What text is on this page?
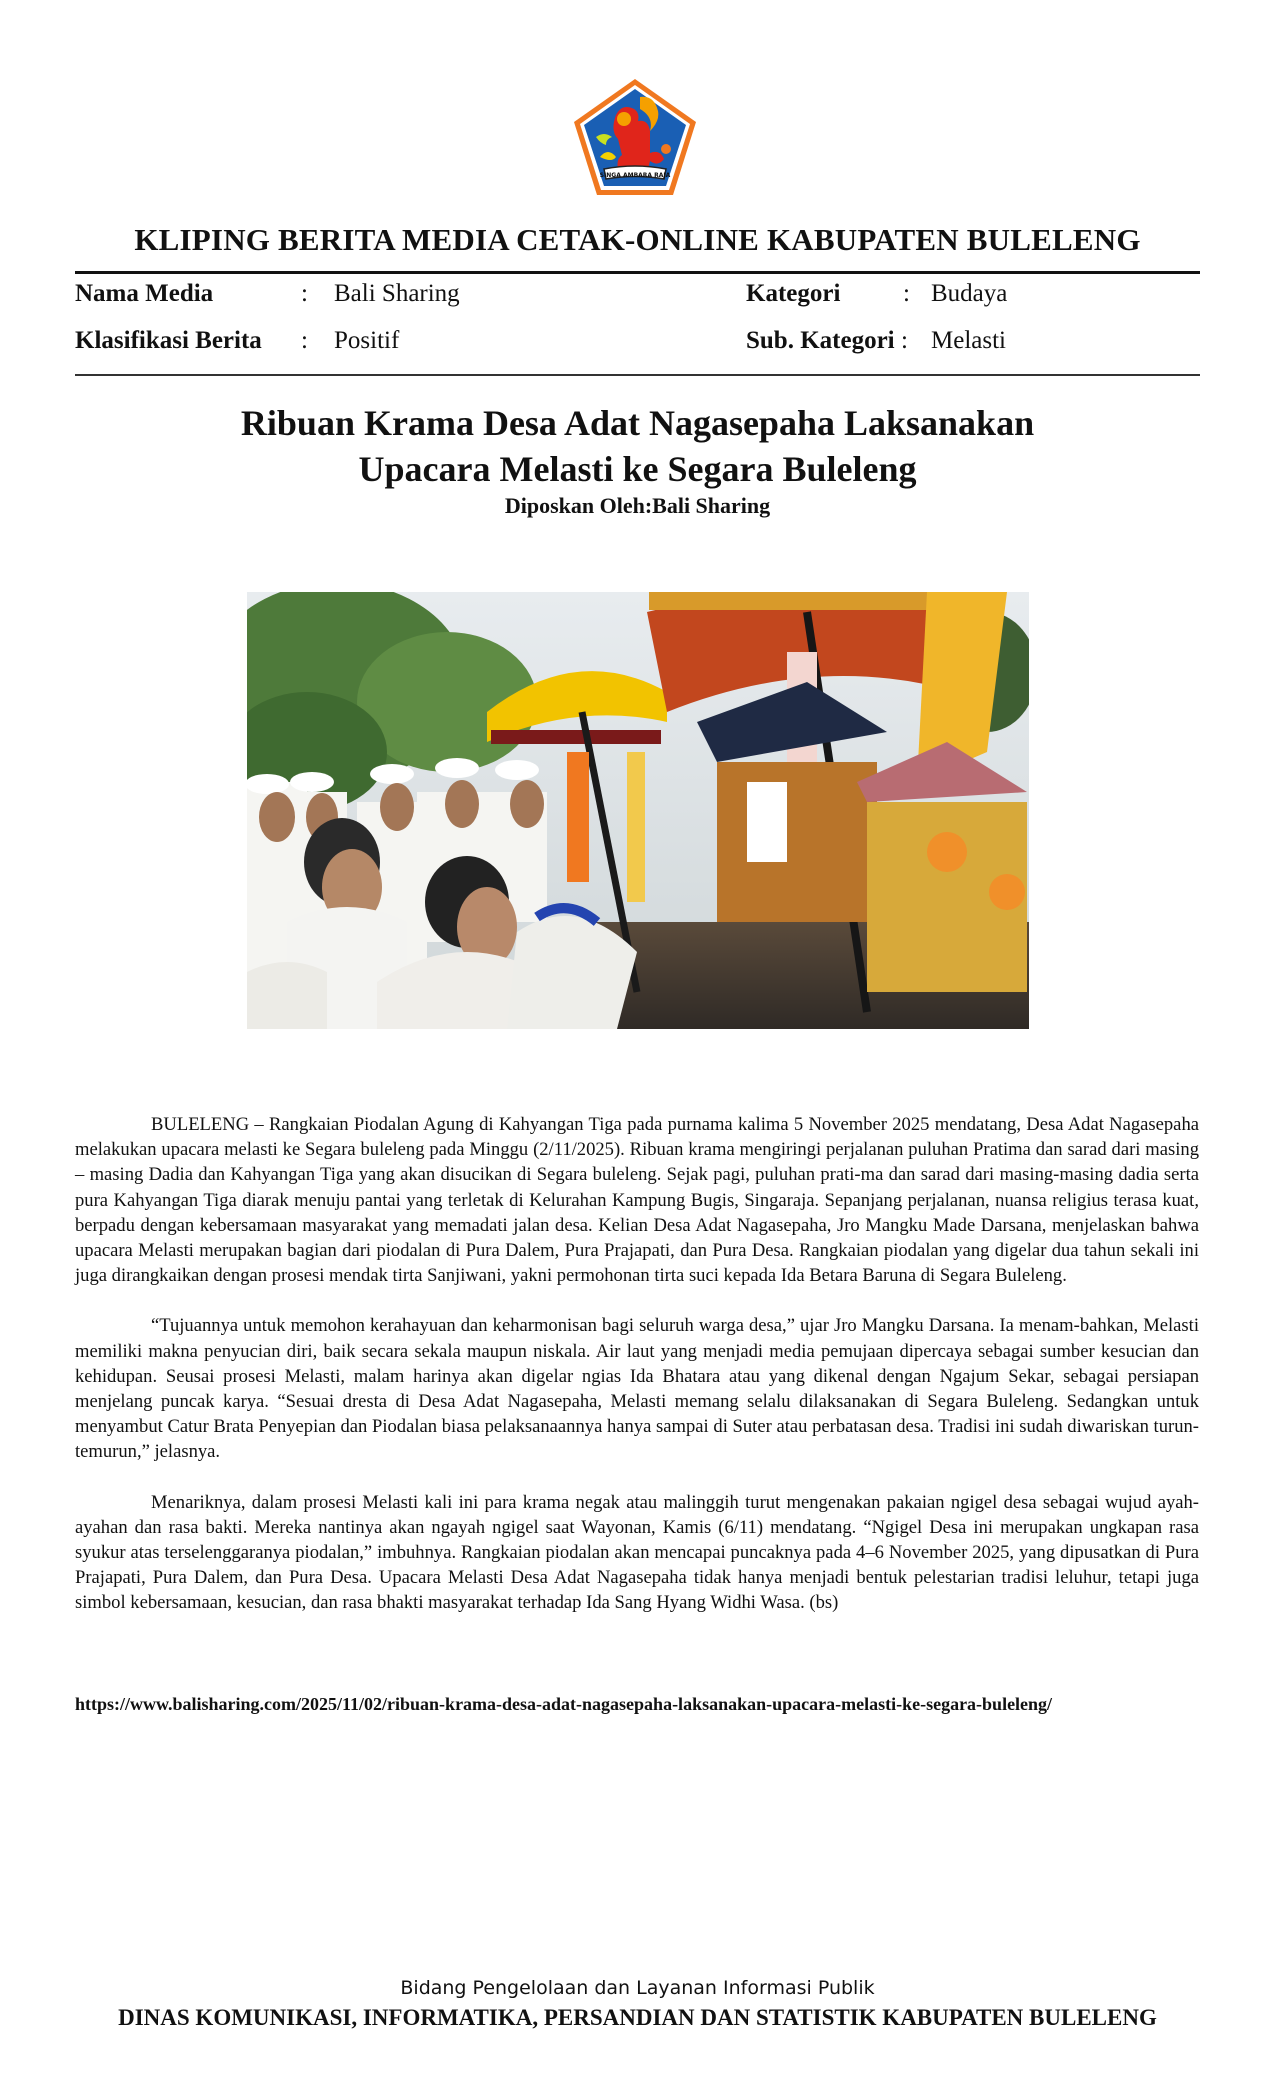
SINGA AMBARA RAJA
KLIPING BERITA MEDIA CETAK-ONLINE KABUPATEN BULELENG
Nama Media	: Bali Sharing	Kategori	: Budaya
Klasifikasi Berita : Positif	Sub. Kategori : Melasti
Ribuan Krama Desa Adat Nagasepaha Laksanakan
Upacara Melasti ke Segara Buleleng
Diposkan Oleh:Bali Sharing

BULELENG – Rangkaian Piodalan Agung di Kahyangan Tiga pada purnama kalima 5 November 2025 mendatang, Desa Adat Nagasepaha melakukan upacara melasti ke Segara buleleng pada Minggu (2/11/2025). Ribuan krama mengiringi perjalanan puluhan Pratima dan sarad dari masing – masing Dadia dan Kahyangan Tiga yang akan disucikan di Segara buleleng. Sejak pagi, puluhan prati-ma dan sarad dari masing-masing dadia serta pura Kahyangan Tiga diarak menuju pantai yang terletak di Kelurahan Kampung Bugis, Singaraja. Sepanjang perjalanan, nuansa religius terasa kuat, berpadu dengan kebersamaan masyarakat yang memadati jalan desa. Kelian Desa Adat Nagasepaha, Jro Mangku Made Darsana, menjelaskan bahwa upacara Melasti merupakan bagian dari piodalan di Pura Dalem, Pura Prajapati, dan Pura Desa. Rangkaian piodalan yang digelar dua tahun sekali ini juga dirangkaikan dengan prosesi mendak tirta Sanjiwani, yakni permohonan tirta suci kepada Ida Betara Baruna di Segara Buleleng.

“Tujuannya untuk memohon kerahayuan dan keharmonisan bagi seluruh warga desa,” ujar Jro Mangku Darsana. Ia menam-bahkan, Melasti memiliki makna penyucian diri, baik secara sekala maupun niskala. Air laut yang menjadi media pemujaan dipercaya sebagai sumber kesucian dan kehidupan. Seusai prosesi Melasti, malam harinya akan digelar ngias Ida Bhatara atau yang dikenal dengan Ngajum Sekar, sebagai persiapan menjelang puncak karya. “Sesuai dresta di Desa Adat Nagasepaha, Melasti memang selalu dilaksanakan di Segara Buleleng. Sedangkan untuk menyambut Catur Brata Penyepian dan Piodalan biasa pelaksanaannya hanya sampai di Suter atau perbatasan desa. Tradisi ini sudah diwariskan turun-temurun,” jelasnya.

Menariknya, dalam prosesi Melasti kali ini para krama negak atau malinggih turut mengenakan pakaian ngigel desa sebagai wujud ayah-ayahan dan rasa bakti. Mereka nantinya akan ngayah ngigel saat Wayonan, Kamis (6/11) mendatang. “Ngigel Desa ini merupakan ungkapan rasa syukur atas terselenggaranya piodalan,” imbuhnya. Rangkaian piodalan akan mencapai puncaknya pada 4–6 November 2025, yang dipusatkan di Pura Prajapati, Pura Dalem, dan Pura Desa. Upacara Melasti Desa Adat Nagasepaha tidak hanya menjadi bentuk pelestarian tradisi leluhur, tetapi juga simbol kebersamaan, kesucian, dan rasa bhakti masyarakat terhadap Ida Sang Hyang Widhi Wasa. (bs)

https://www.balisharing.com/2025/11/02/ribuan-krama-desa-adat-nagasepaha-laksanakan-upacara-melasti-ke-segara-buleleng/
Bidang Pengelolaan dan Layanan Informasi Publik
DINAS KOMUNIKASI, INFORMATIKA, PERSANDIAN DAN STATISTIK KABUPATEN BULELENG
